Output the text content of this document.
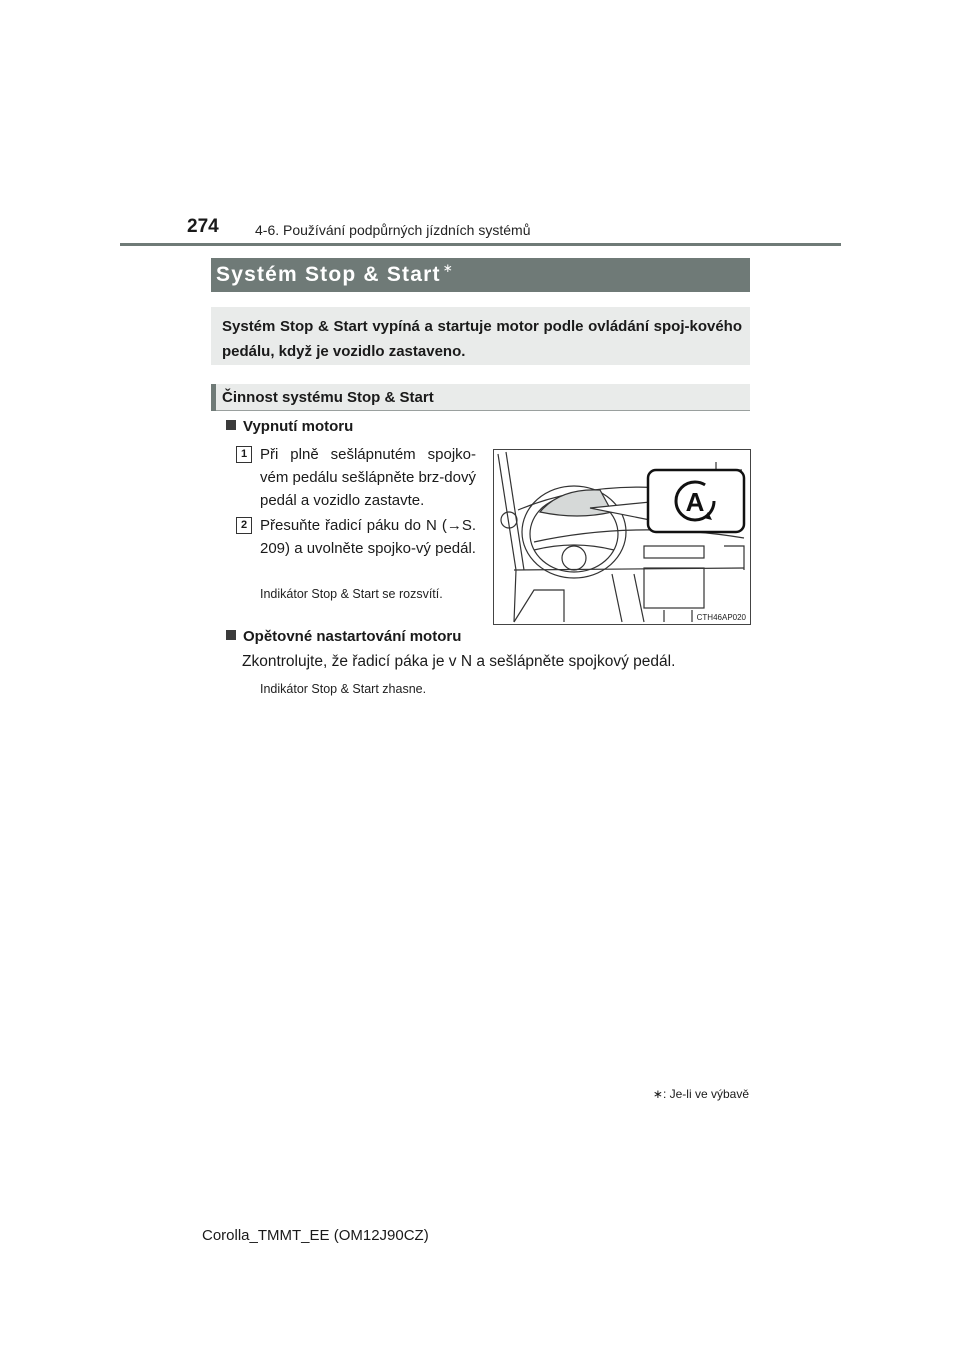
274	4-6. Používání podpůrných jízdních systémů
Systém Stop & Start ∗
Systém Stop & Start vypíná a startuje motor podle ovládání spoj-kového pedálu, když je vozidlo zastaveno.
Činnost systému Stop & Start
Vypnutí motoru
1 Při plně sešlápnutém spojko-vém pedálu sešlápněte brz-dový pedál a vozidlo zastavte.
2 Přesuňte řadicí páku do N (→S. 209) a uvolněte spojko-vý pedál.
Indikátor Stop & Start se rozsvítí.
A
CTH46AP020
Opětovné nastartování motoru
Zkontrolujte, že řadicí páka je v N a sešlápněte spojkový pedál.
Indikátor Stop & Start zhasne.
∗: Je-li ve výbavě
Corolla_TMMT_EE (OM12J90CZ)
